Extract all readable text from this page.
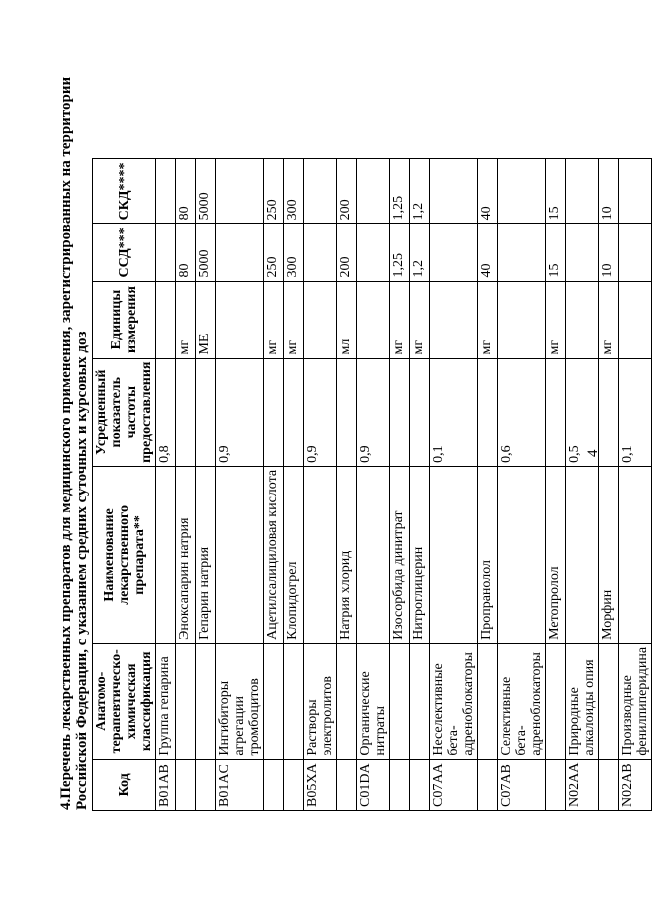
4.Перечень лекарственных препаратов для медицинского применения, зарегистрированных на территории Российской Федерации, с указанием средних суточных и курсовых доз Код	Анатомо-терапевтическо-химическая классификация	Наименование лекарственного препарата**	Усредненный показатель частоты предоставления	Единицы измерения	ССД***	СКД****
B01AB	Группа гепарина		0,8			
		Эноксапарин натрия		мг	80	80
		Гепарин натрия		МЕ	5000	5000
B01AC	Ингибиторы агрегации тромбоцитов		0,9			
		Ацетилсалициловая кислота		мг	250	250
		Клопидогрел		мг	300	300
B05XA	Растворы электролитов		0,9			
		Натрия хлорид		мл	200	200
C01DA	Органические нитраты		0,9			
		Изосорбида динитрат		мг	1,25	1,25
		Нитроглицерин		мг	1,2	1,2
C07AA	Неселективные бета-адреноблокаторы		0,1			
		Пропранолол		мг	40	40
C07AB	Селективные бета-адреноблокаторы		0,6			
		Метопролол		мг	15	15
N02AA	Природные алкалоиды опия		0,5			
		Морфин		мг	10	10
N02AB	Производные фенилпиперидина		0,1			
4
